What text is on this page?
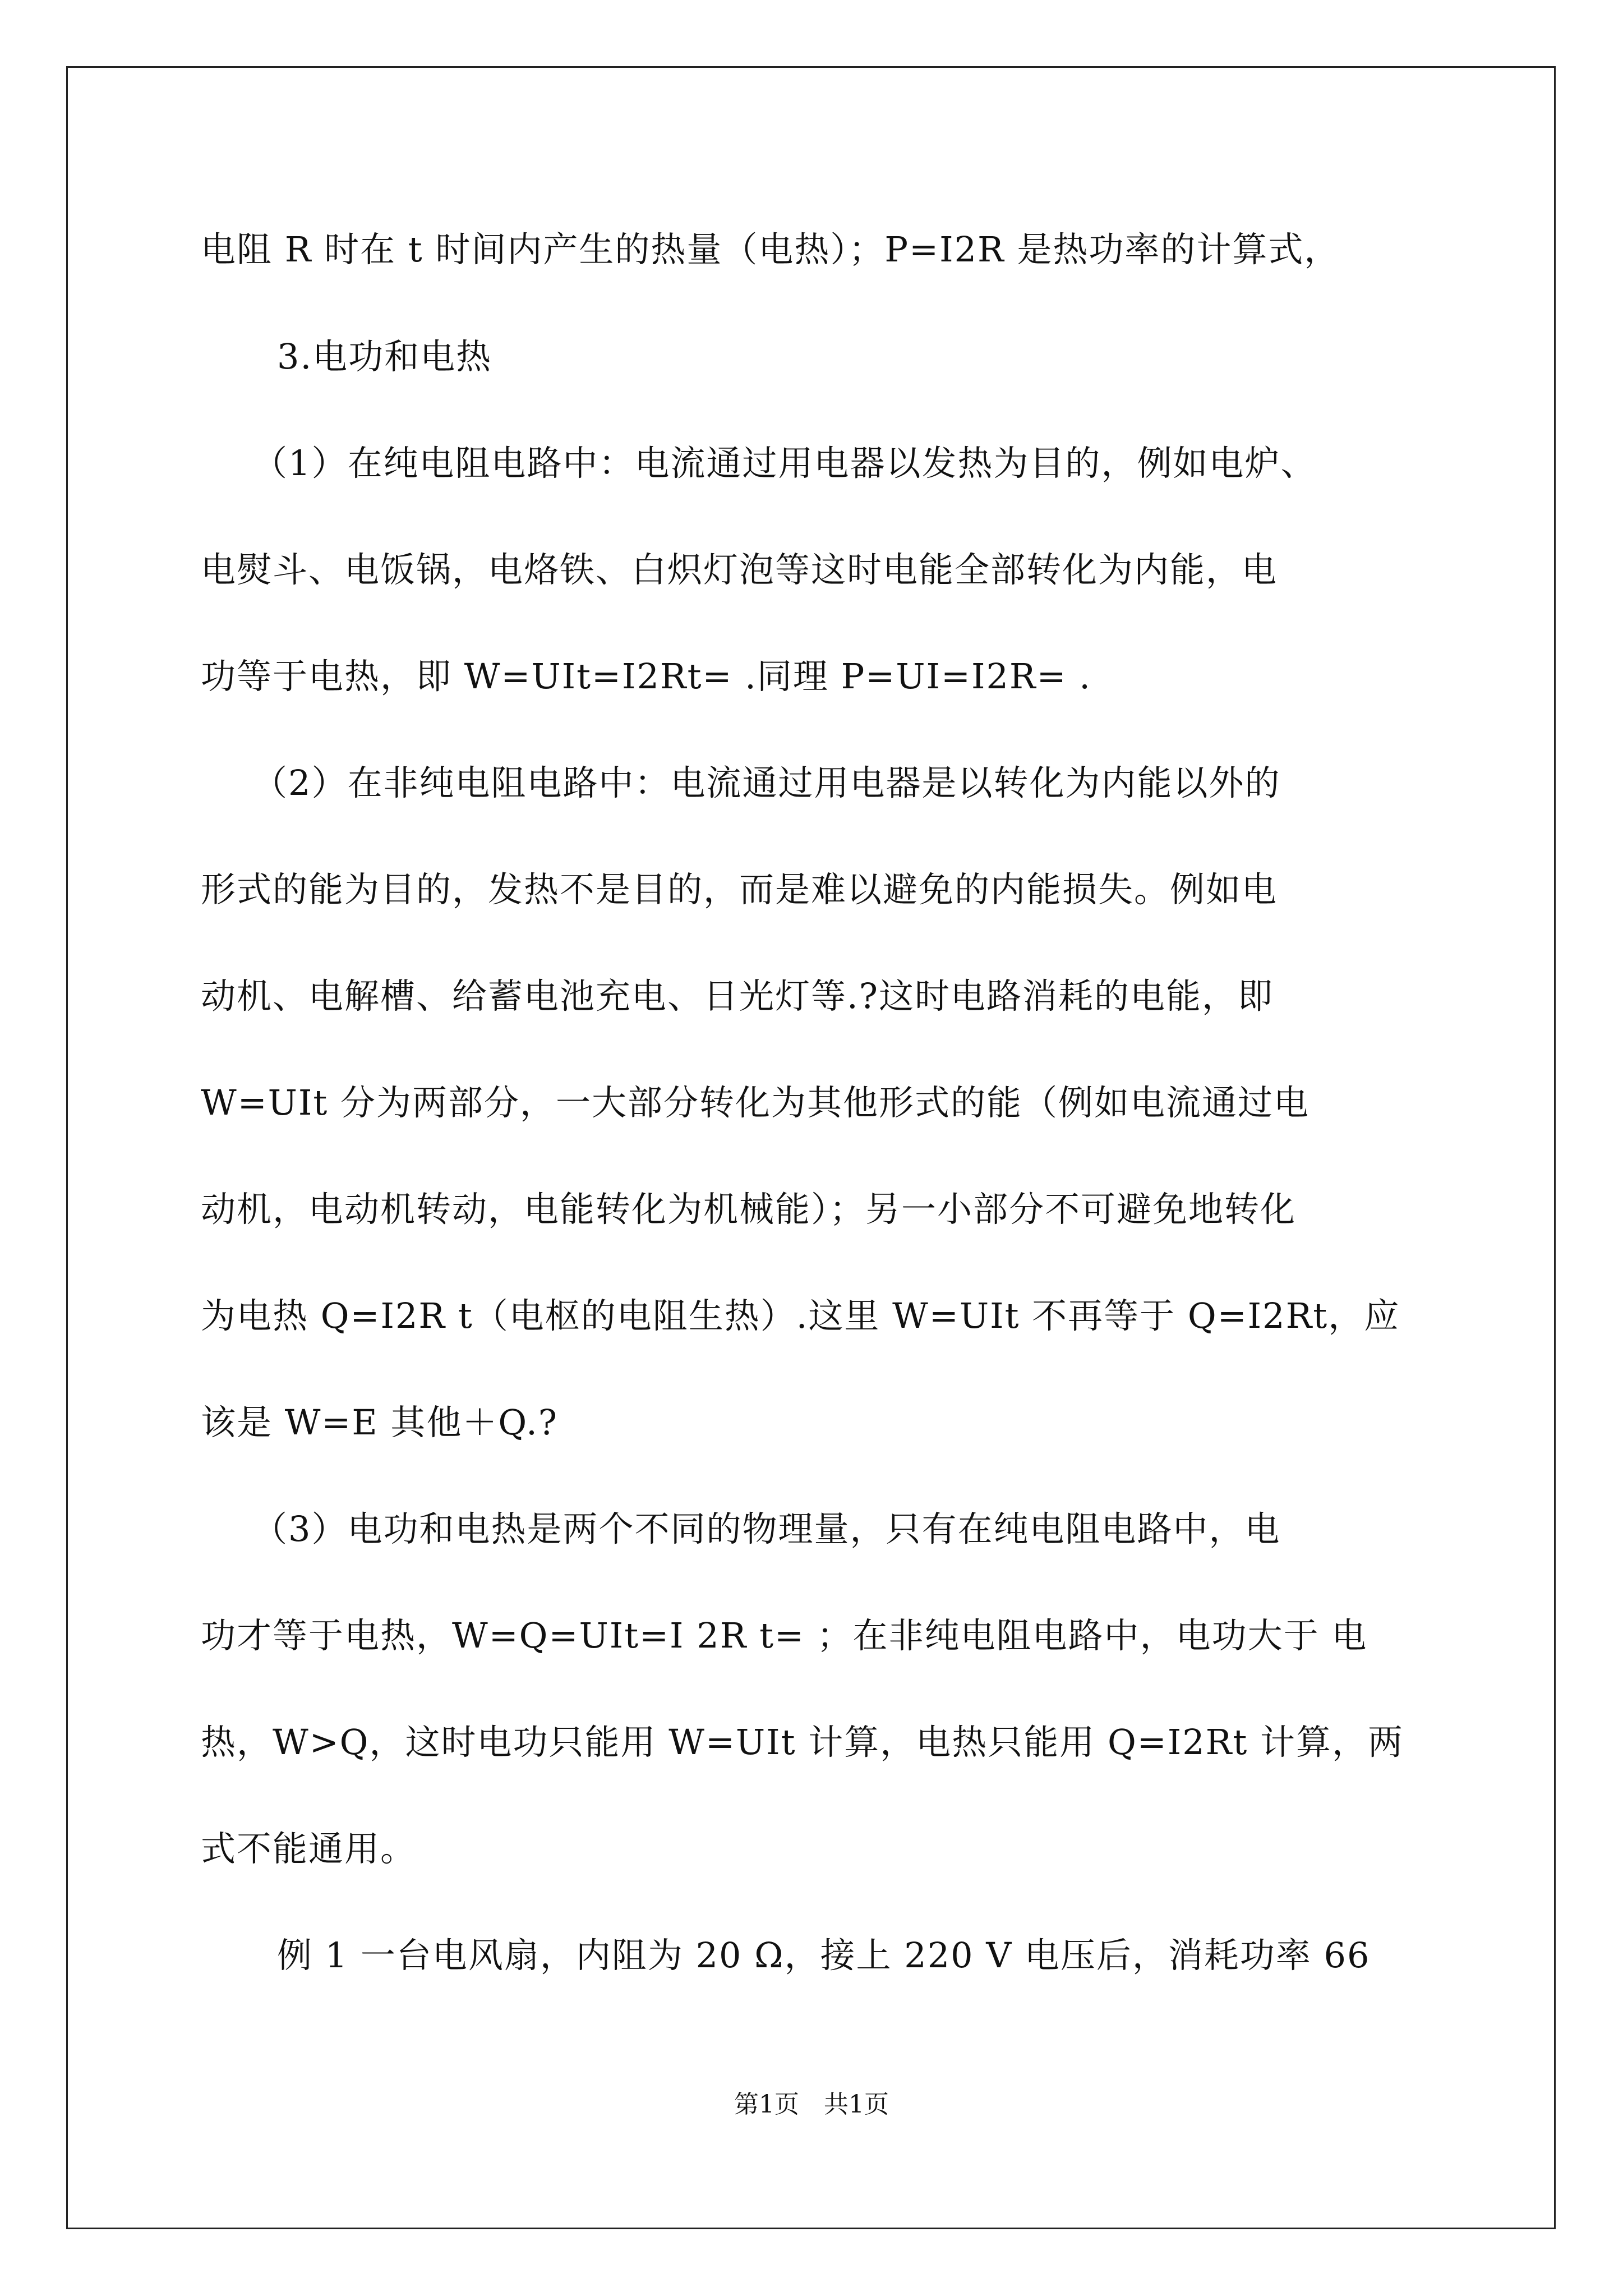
电阻 R 时在 t 时间内产生的热量（电热）；P=I2R 是热功率的计算式，
3.电功和电热
（1）在纯电阻电路中：电流通过用电器以发热为目的，例如电炉、
电熨斗、电饭锅，电烙铁、白炽灯泡等这时电能全部转化为内能，电
功等于电热，即 W=UIt=I2Rt= .同理 P=UI=I2R= .
（2）在非纯电阻电路中：电流通过用电器是以转化为内能以外的
形式的能为目的，发热不是目的，而是难以避免的内能损失。例如电
动机、电解槽、给蓄电池充电、日光灯等.?这时电路消耗的电能，即
W=UIt 分为两部分，一大部分转化为其他形式的能（例如电流通过电
动机，电动机转动，电能转化为机械能）；另一小部分不可避免地转化
为电热 Q=I2R t（电枢的电阻生热）.这里 W=UIt 不再等于 Q=I2Rt，应
该是 W=E 其他＋Q.?
（3）电功和电热是两个不同的物理量，只有在纯电阻电路中，电
功才等于电热，W=Q=UIt=I 2R t= ；在非纯电阻电路中，电功大于 电
热，W>Q，这时电功只能用 W=UIt 计算，电热只能用 Q=I2Rt 计算，两
式不能通用。
例 1 一台电风扇，内阻为 20 Ω，接上 220 V 电压后，消耗功率 66
第1页　共1页
